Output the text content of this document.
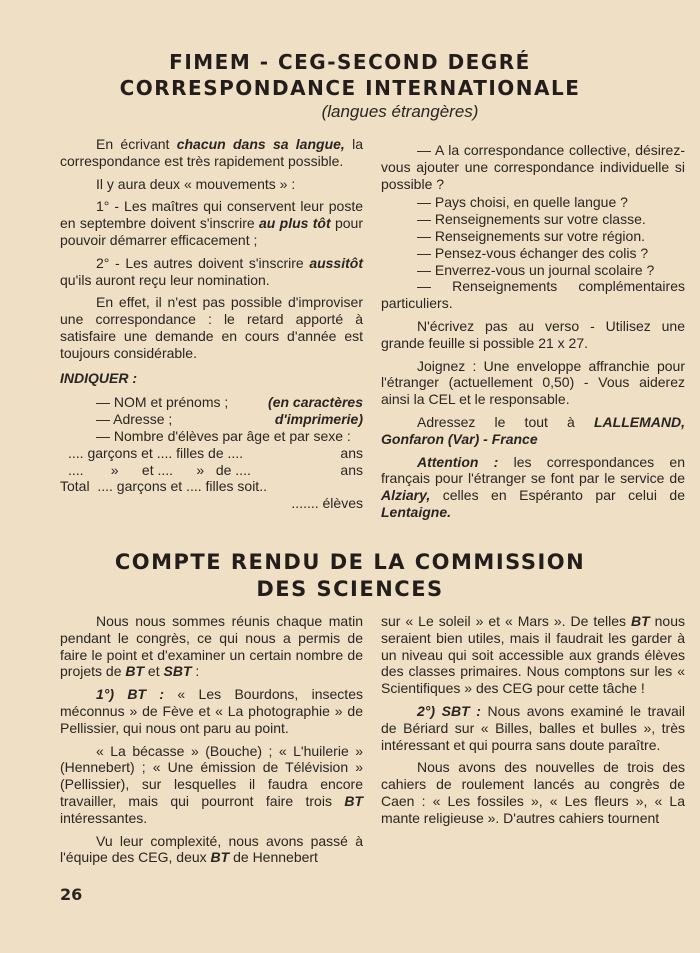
FIMEM - CEG-SECOND DEGRÉ
CORRESPONDANCE INTERNATIONALE
(langues étrangères)

En écrivant chacun dans sa langue, la correspondance est très rapidement possible.

Il y aura deux « mouvements » :

1° - Les maîtres qui conservent leur poste en septembre doivent s'inscrire au plus tôt pour pouvoir démarrer efficacement ;

2° - Les autres doivent s'inscrire aussitôt qu'ils auront reçu leur nomination.

En effet, il n'est pas possible d'improviser une correspondance : le retard apporté à satisfaire une demande en cours d'année est toujours considérable.

INDIQUER :

— NOM et prénoms ;	(en caractères
— Adresse ;	d'imprimerie)
— Nombre d'élèves par âge et par sexe :
.... garçons et .... filles de ....	ans
....       »      et ....      »   de ....	ans
Total  .... garçons et .... filles soit..
....... élèves

— A la correspondance collective, désirez-vous ajouter une correspondance individuelle si possible ?

— Pays choisi, en quelle langue ?

— Renseignements sur votre classe.

— Renseignements sur votre région.

— Pensez-vous échanger des colis ?

— Enverrez-vous un journal scolaire ?

— Renseignements complémentaires particuliers.

N'écrivez pas au verso - Utilisez une grande feuille si possible 21 x 27.

Joignez : Une enveloppe affranchie pour l'étranger (actuellement 0,50) - Vous aiderez ainsi la CEL et le responsable.

Adressez le tout à LALLEMAND, Gonfaron (Var) - France

Attention : les correspondances en français pour l'étranger se font par le service de Alziary, celles en Espéranto par celui de Lentaigne.

COMPTE RENDU DE LA COMMISSION
DES SCIENCES

Nous nous sommes réunis chaque matin pendant le congrès, ce qui nous a permis de faire le point et d'examiner un certain nombre de projets de BT et SBT :

1°) BT : « Les Bourdons, insectes méconnus » de Fève et « La photographie » de Pellissier, qui nous ont paru au point.

« La bécasse » (Bouche) ; « L'huilerie » (Hennebert) ; « Une émission de Télévision » (Pellissier), sur lesquelles il faudra encore travailler, mais qui pourront faire trois BT intéressantes.

Vu leur complexité, nous avons passé à l'équipe des CEG, deux BT de Hennebert

sur « Le soleil » et « Mars ». De telles BT nous seraient bien utiles, mais il faudrait les garder à un niveau qui soit accessible aux grands élèves des classes primaires. Nous comptons sur les « Scientifiques » des CEG pour cette tâche !

2°) SBT : Nous avons examiné le travail de Bériard sur « Billes, balles et bulles », très intéressant et qui pourra sans doute paraître.

Nous avons des nouvelles de trois des cahiers de roulement lancés au congrès de Caen : « Les fossiles », « Les fleurs », « La mante religieuse ». D'autres cahiers tournent

26
